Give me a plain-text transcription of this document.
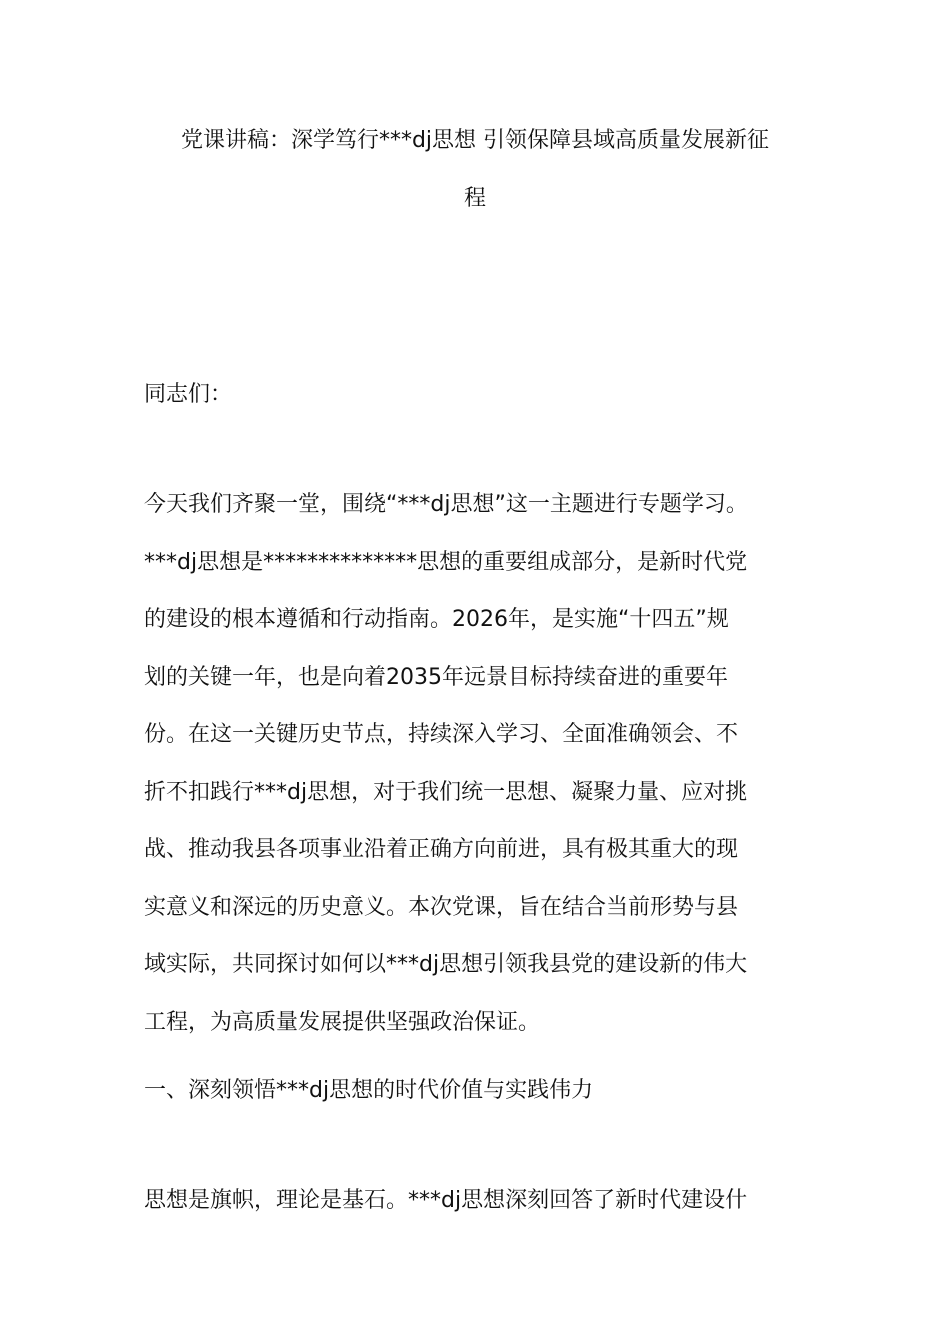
党课讲稿：深学笃行***dj思想 引领保障县域高质量发展新征
程
同志们：
今天我们齐聚一堂，围绕“***dj思想”这一主题进行专题学习。
***dj思想是**************思想的重要组成部分，是新时代党
的建设的根本遵循和行动指南。2026年，是实施“十四五”规
划的关键一年，也是向着2035年远景目标持续奋进的重要年
份。在这一关键历史节点，持续深入学习、全面准确领会、不
折不扣践行***dj思想，对于我们统一思想、凝聚力量、应对挑
战、推动我县各项事业沿着正确方向前进，具有极其重大的现
实意义和深远的历史意义。本次党课，旨在结合当前形势与县
域实际，共同探讨如何以***dj思想引领我县党的建设新的伟大
工程，为高质量发展提供坚强政治保证。
一、深刻领悟***dj思想的时代价值与实践伟力
思想是旗帜，理论是基石。***dj思想深刻回答了新时代建设什
